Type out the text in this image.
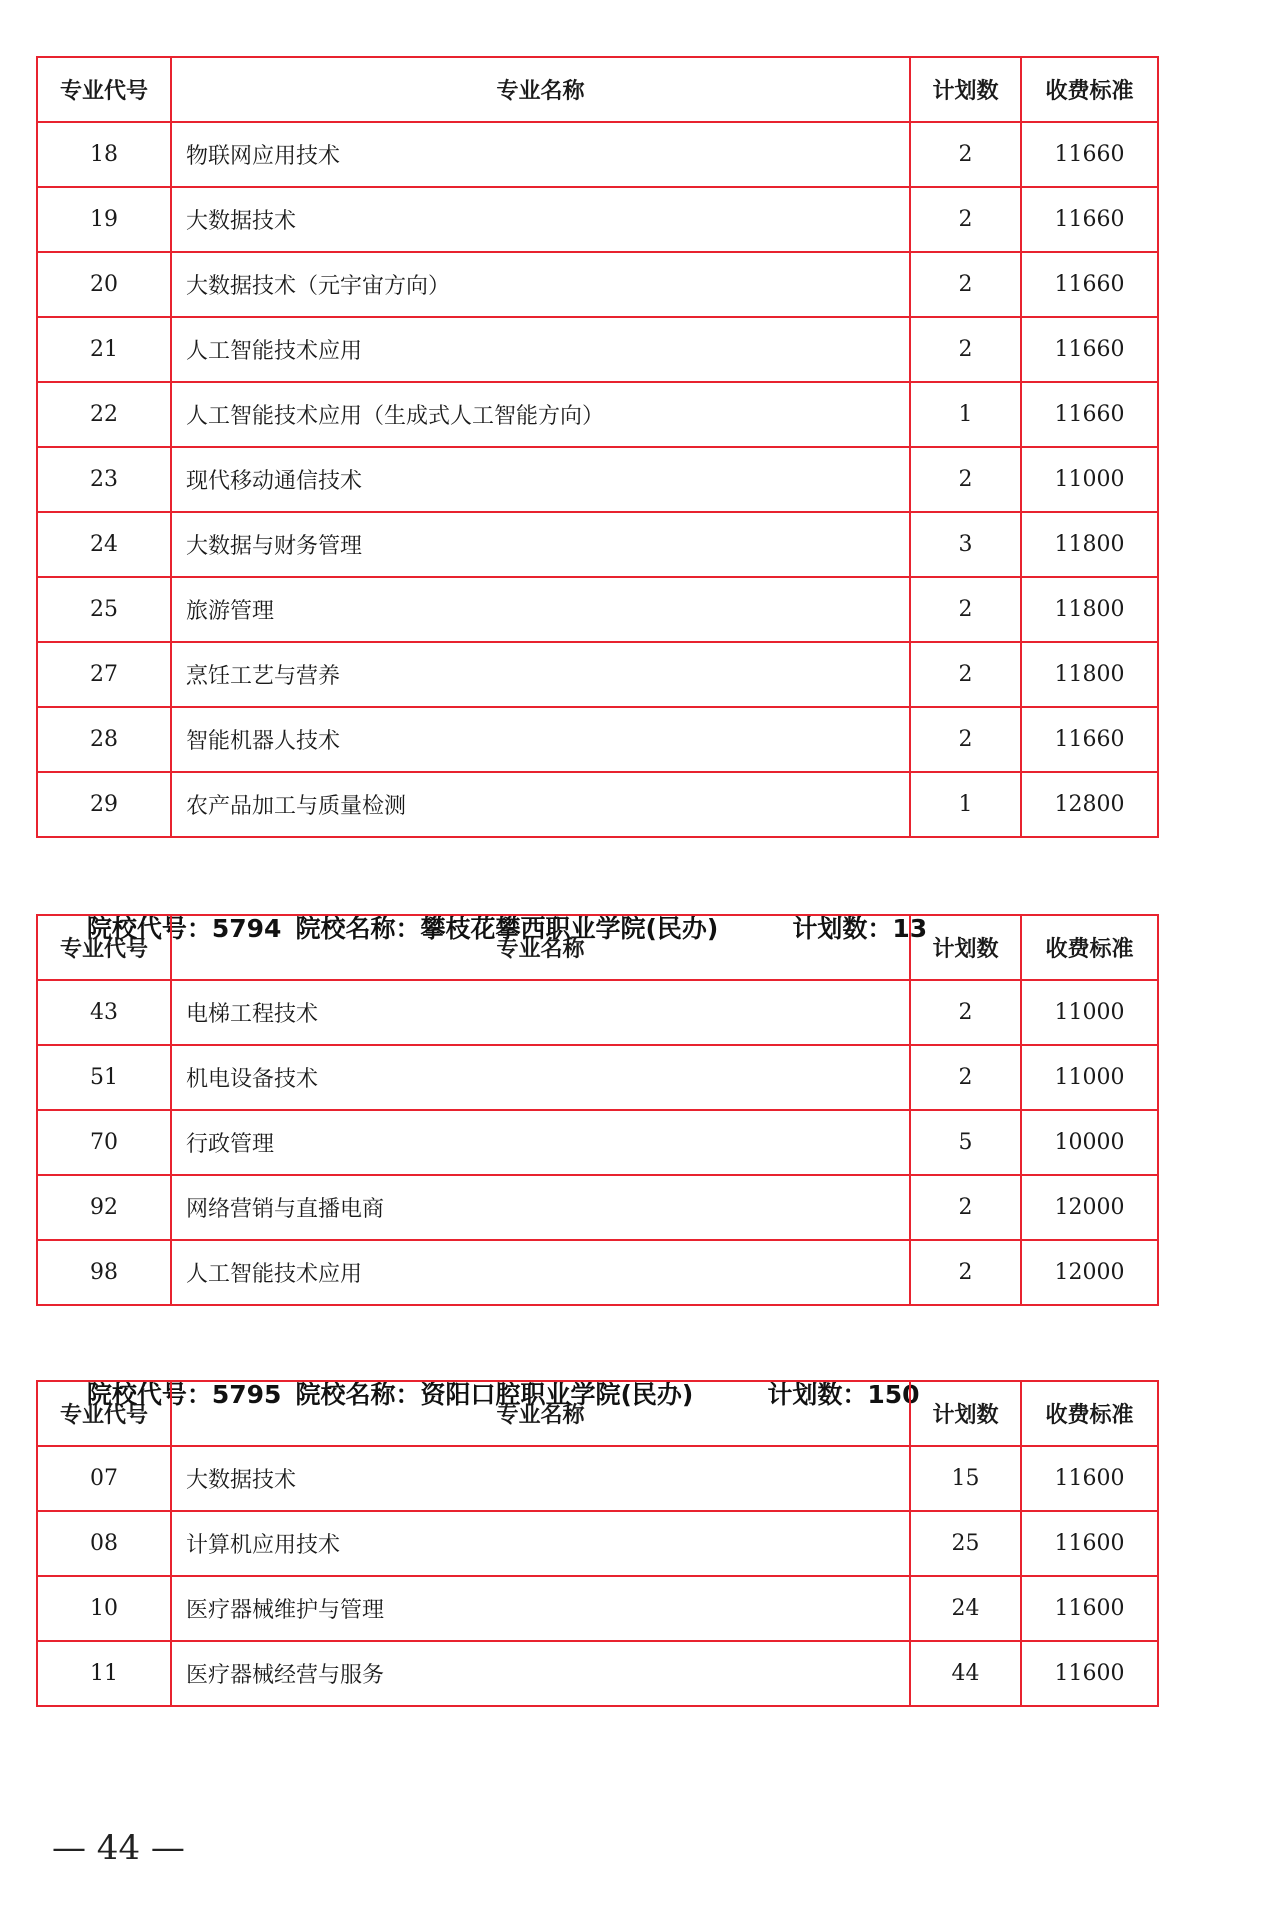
专业代号	专业名称	计划数	收费标准
18	物联网应用技术	2	11660
19	大数据技术	2	11660
20	大数据技术（元宇宙方向）	2	11660
21	人工智能技术应用	2	11660
22	人工智能技术应用（生成式人工智能方向）	1	11660
23	现代移动通信技术	2	11000
24	大数据与财务管理	3	11800
25	旅游管理	2	11800
27	烹饪工艺与营养	2	11800
28	智能机器人技术	2	11660
29	农产品加工与质量检测	1	12800

院校代号：5794 院校名称：攀枝花攀西职业学院(民办)	计划数：13

专业代号	专业名称	计划数	收费标准
43	电梯工程技术	2	11000
51	机电设备技术	2	11000
70	行政管理	5	10000
92	网络营销与直播电商	2	12000
98	人工智能技术应用	2	12000

院校代号：5795 院校名称：资阳口腔职业学院(民办)	计划数：150

专业代号	专业名称	计划数	收费标准
07	大数据技术	15	11600
08	计算机应用技术	25	11600
10	医疗器械维护与管理	24	11600
11	医疗器械经营与服务	44	11600
— 44 —
